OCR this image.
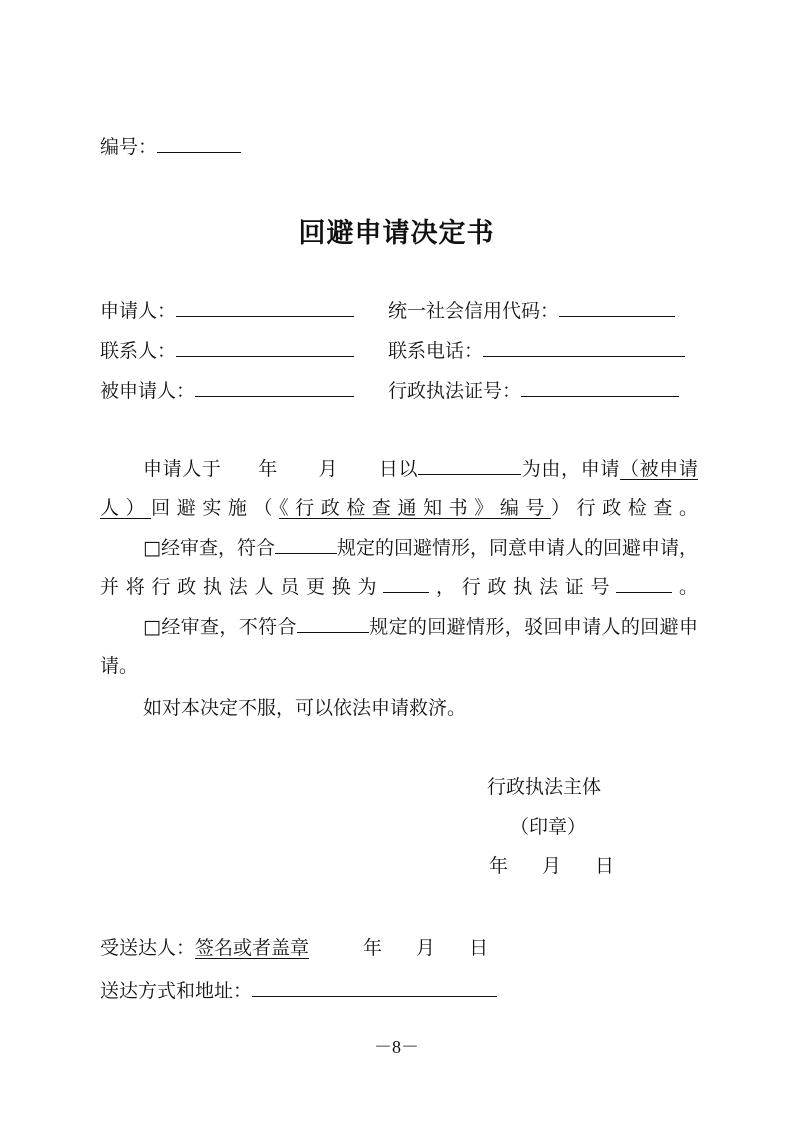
编号：
回避申请决定书
申请人：	统一社会信用代码：
联系人：	联系电话：
被申请人：	行政执法证号：
申请人于 年 月 日以	为由，申请（被申请人）回避实施（《行政检查通知书》编号）行政检查。
□经审查，符合	规定的回避情形，同意申请人的回避申请，并将行政执法人员更换为 ，行政执法证号	。
□经审查，不符合	规定的回避情形，驳回申请人的回避申请。
如对本决定不服，可以依法申请救济。
行政执法主体
（印章）
年 月 日
受送达人：签名或者盖章	年 月 日
送达方式和地址：
－8－
